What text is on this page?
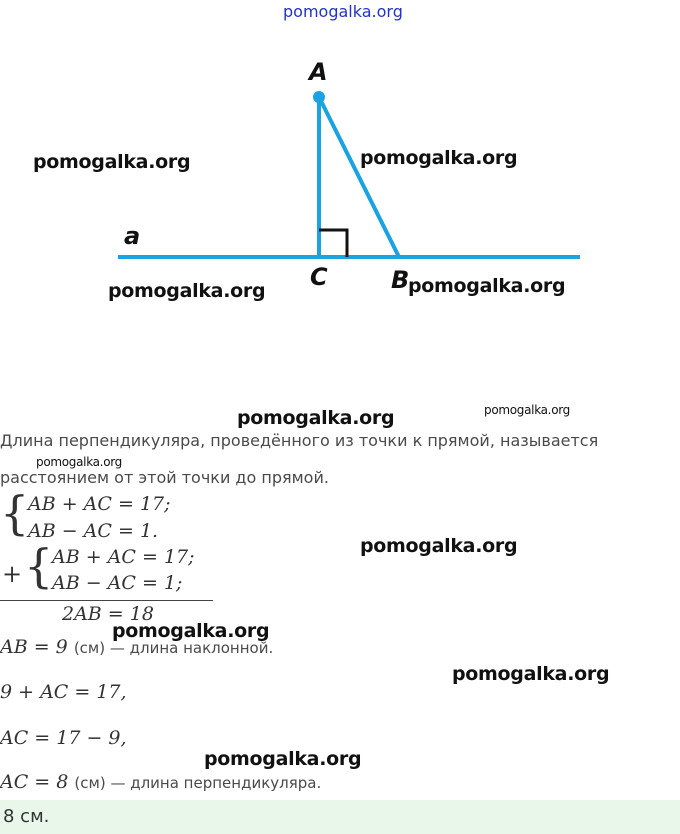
pomogalka.org
A
a
C	B
pomogalka.org	pomogalka.org
pomogalka.org	pomogalka.org
pomogalka.org	pomogalka.org
Длина перпендикуляра, проведённого из точки к прямой, называется
pomogalka.org
расстоянием от этой точки до прямой.
{
AB + AC = 17;
AB − AC = 1.
pomogalka.org
+ {
AB + AC = 17;
AB − AC = 1;
2AB = 18
pomogalka.org
AB = 9 (см) — длина наклонной.
pomogalka.org
9 + AC = 17,
AC = 17 − 9,
pomogalka.org
AC = 8 (см) — длина перпендикуляра.
8 см.
